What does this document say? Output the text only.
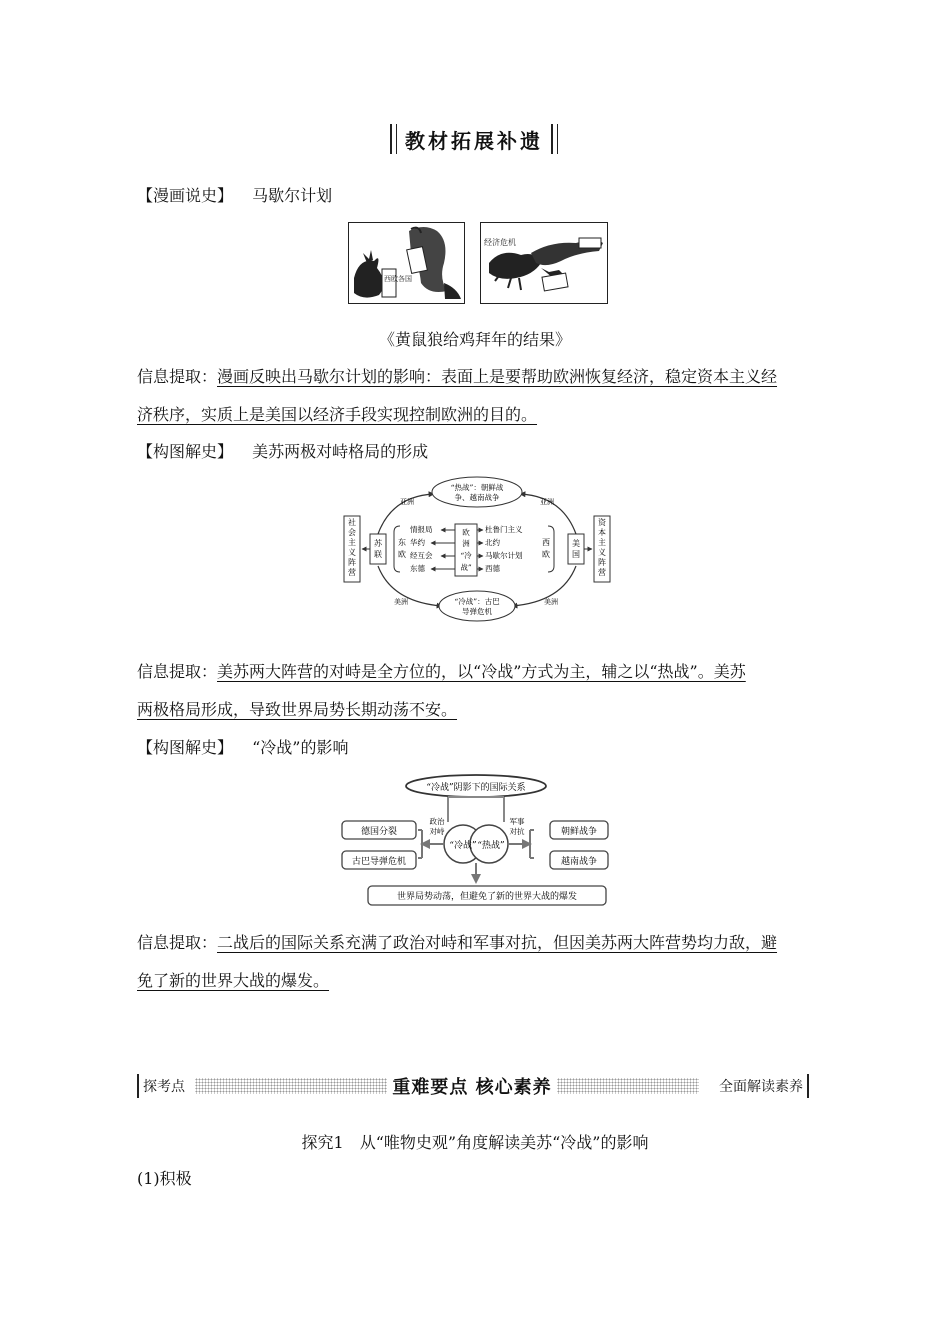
教材拓展补遗
【漫画说史】 马歇尔计划
西欧各国
经济危机
《黄鼠狼给鸡拜年的结果》
信息提取：漫画反映出马歇尔计划的影响：表面上是要帮助欧洲恢复经济，稳定资本主义经
济秩序，实质上是美国以经济手段实现控制欧洲的目的。
【构图解史】 美苏两极对峙格局的形成
“热战”：朝鲜战
争、越南战争
“冷战”：古巴
导弹危机
亚洲	亚洲
美洲	美洲
社
会
主
义
阵
营
资
本
主
义
阵
营
苏
联
美
国
东
欧
西
欧
欧
洲
“冷
战”
情报局
华约
经互会
东德
杜鲁门主义
北约
马歇尔计划
西德
信息提取：美苏两大阵营的对峙是全方位的，以“冷战”方式为主，辅之以“热战”。美苏
两极格局形成，导致世界局势长期动荡不安。
【构图解史】 “冷战”的影响
“冷战”阴影下的国际关系
“冷战” “热战”
政治
对峙
军事
对抗
德国分裂
古巴导弹危机
朝鲜战争
越南战争
世界局势动荡，但避免了新的世界大战的爆发
信息提取：二战后的国际关系充满了政治对峙和军事对抗，但因美苏两大阵营势均力敌，避
免了新的世界大战的爆发。
探考点	重难要点 核心素养	全面解读素养
探究1　从“唯物史观”角度解读美苏“冷战”的影响
(1)积极
